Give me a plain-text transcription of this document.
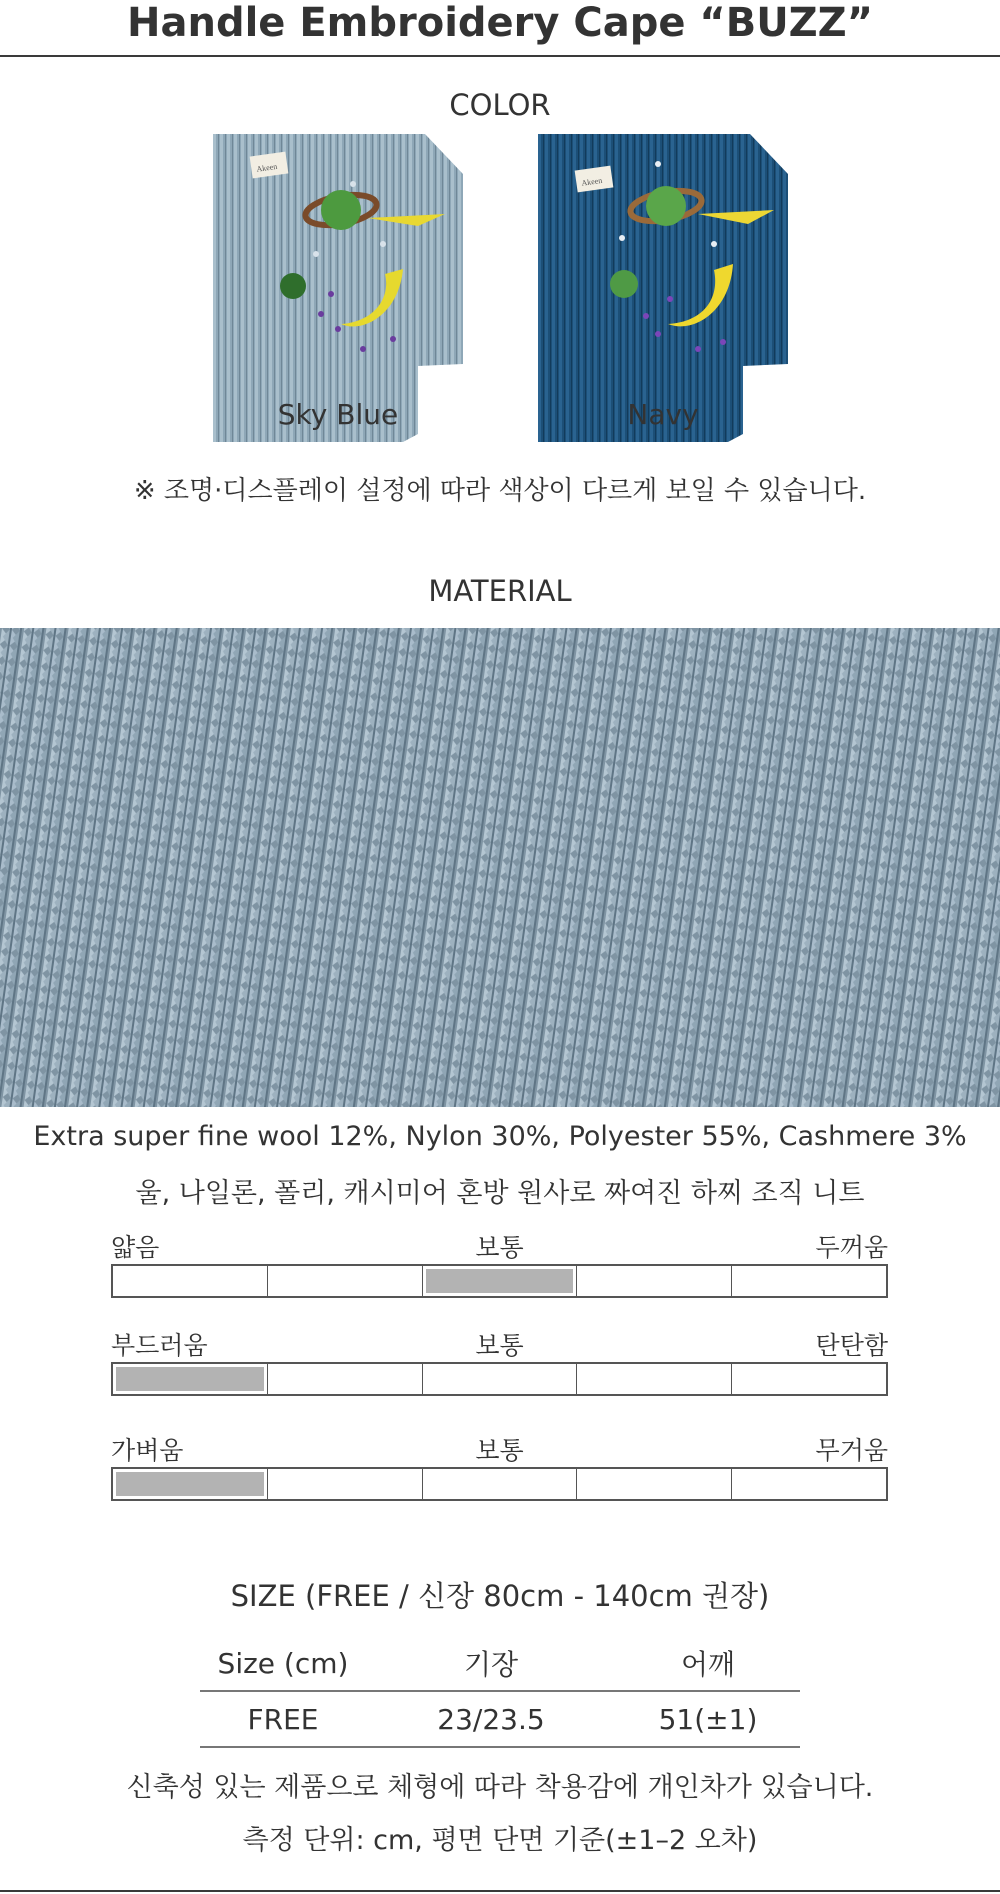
Handle Embroidery Cape “BUZZ”
COLOR
Akeen
Sky Blue
Akeen
Navy
※ 조명·디스플레이 설정에 따라 색상이 다르게 보일 수 있습니다.
MATERIAL
Extra super fine wool 12%, Nylon 30%, Polyester 55%, Cashmere 3%
울, 나일론, 폴리, 캐시미어 혼방 원사로 짜여진 하찌 조직 니트
얇음	보통	두꺼움
부드러움	보통	탄탄함
가벼움	보통	무거움
SIZE (FREE / 신장 80cm - 140cm 권장)
Size (cm)	기장	어깨
FREE	23/23.5	51(±1)
신축성 있는 제품으로 체형에 따라 착용감에 개인차가 있습니다.
측정 단위: cm, 평면 단면 기준(±1–2 오차)
